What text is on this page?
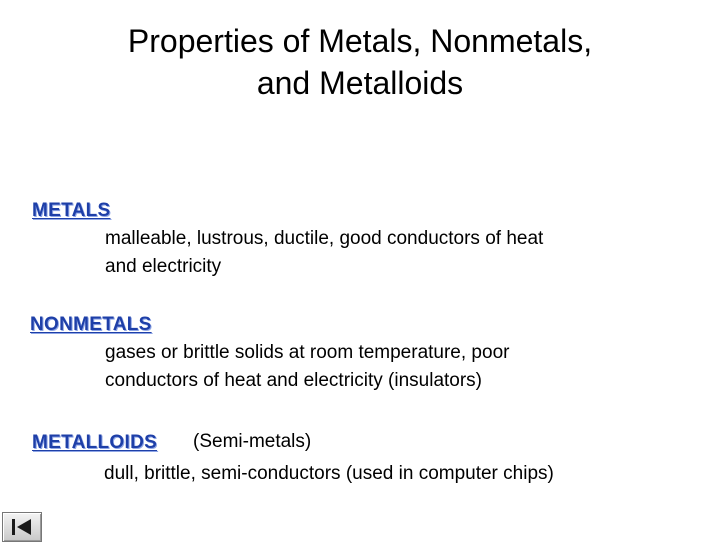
Properties of Metals, Nonmetals,
and Metalloids
METALS
malleable, lustrous, ductile, good conductors of heat
and electricity
NONMETALS
gases or brittle solids at room temperature, poor
conductors of heat and electricity (insulators)
METALLOIDS (Semi-metals)
dull, brittle, semi-conductors (used in computer chips)
